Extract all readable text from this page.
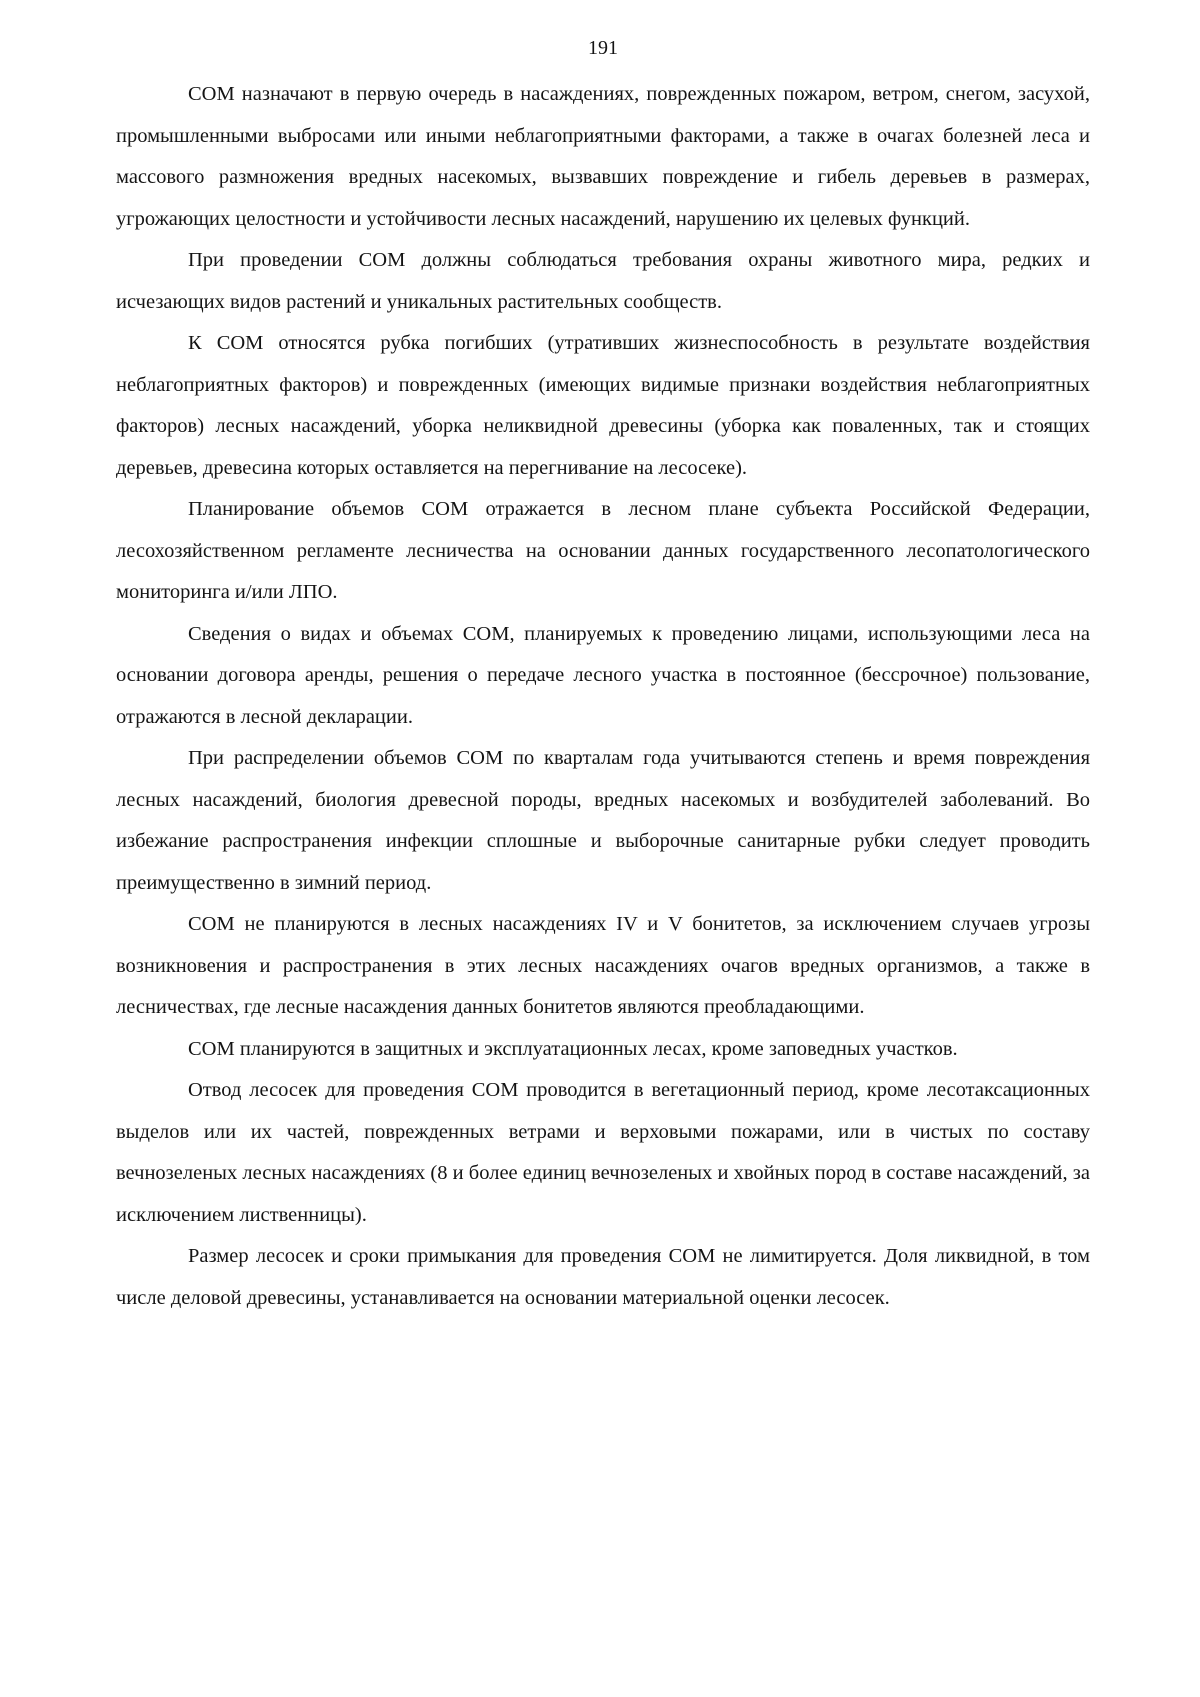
191

СОМ назначают в первую очередь в насаждениях, поврежденных пожаром, ветром, снегом, засухой, промышленными выбросами или иными неблагоприятными факторами, а также в очагах болезней леса и массового размножения вредных насекомых, вызвавших повреждение и гибель деревьев в размерах, угрожающих целостности и устойчивости лесных насаждений, нарушению их целевых функций.

При проведении СОМ должны соблюдаться требования охраны животного мира, редких и исчезающих видов растений и уникальных растительных сообществ.

К СОМ относятся рубка погибших (утративших жизнеспособность в результате воздействия неблагоприятных факторов) и поврежденных (имеющих видимые признаки воздействия неблагоприятных факторов) лесных насаждений, уборка неликвидной древесины (уборка как поваленных, так и стоящих деревьев, древесина которых оставляется на перегнивание на лесосеке).

Планирование объемов СОМ отражается в лесном плане субъекта Российской Федерации, лесохозяйственном регламенте лесничества на основании данных государственного лесопатологического мониторинга и/или ЛПО.

Сведения о видах и объемах СОМ, планируемых к проведению лицами, использующими леса на основании договора аренды, решения о передаче лесного участка в постоянное (бессрочное) пользование, отражаются в лесной декларации.

При распределении объемов СОМ по кварталам года учитываются степень и время повреждения лесных насаждений, биология древесной породы, вредных насекомых и возбудителей заболеваний. Во избежание распространения инфекции сплошные и выборочные санитарные рубки следует проводить преимущественно в зимний период.

СОМ не планируются в лесных насаждениях IV и V бонитетов, за исключением случаев угрозы возникновения и распространения в этих лесных насаждениях очагов вредных организмов, а также в лесничествах, где лесные насаждения данных бонитетов являются преобладающими.

СОМ планируются в защитных и эксплуатационных лесах, кроме заповедных участков.

Отвод лесосек для проведения СОМ проводится в вегетационный период, кроме лесотаксационных выделов или их частей, поврежденных ветрами и верховыми пожарами, или в чистых по составу вечнозеленых лесных насаждениях (8 и более единиц вечнозеленых и хвойных пород в составе насаждений, за исключением лиственницы).

Размер лесосек и сроки примыкания для проведения СОМ не лимитируется. Доля ликвидной, в том числе деловой древесины, устанавливается на основании материальной оценки лесосек.
